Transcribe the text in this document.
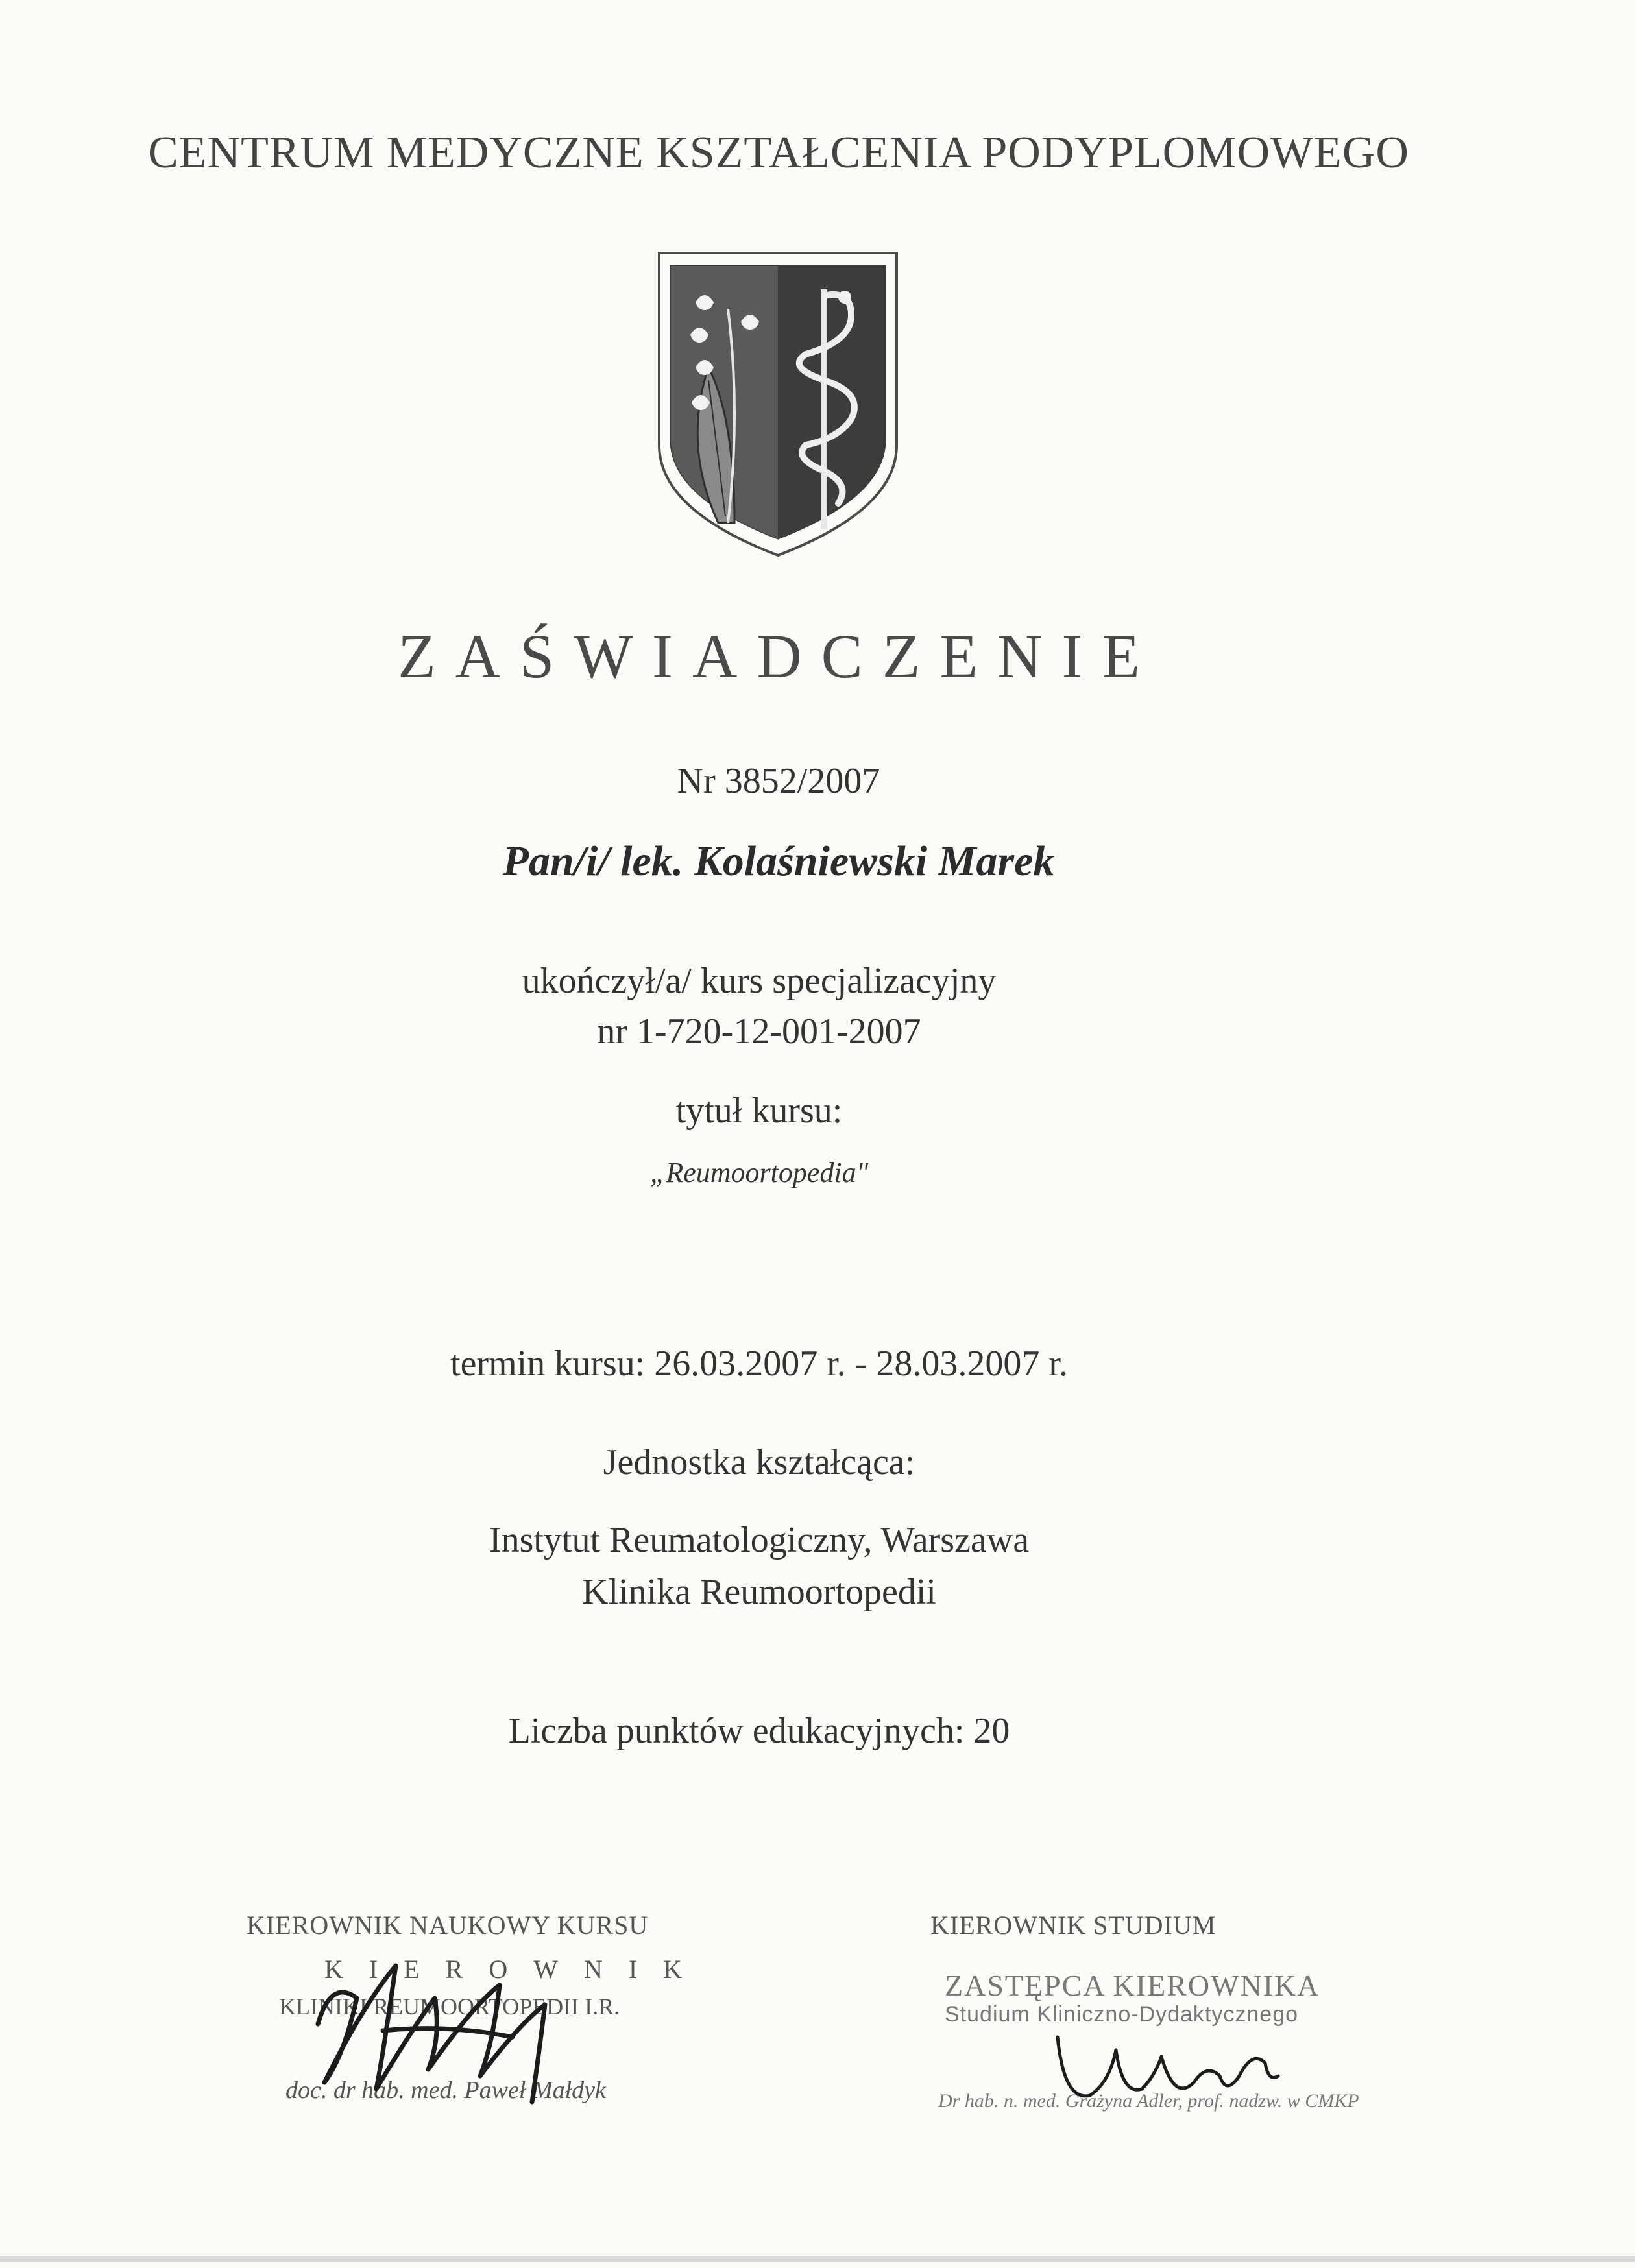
CENTRUM MEDYCZNE KSZTAŁCENIA PODYPLOMOWEGO
ZAŚWIADCZENIE
Nr 3852/2007
Pan/i/ lek. Kolaśniewski Marek
ukończył/a/ kurs specjalizacyjny
nr 1-720-12-001-2007
tytuł kursu:
„Reumoortopedia"
termin kursu: 26.03.2007 r. - 28.03.2007 r.
Jednostka kształcąca:
Instytut Reumatologiczny, Warszawa
Klinika Reumoortopedii
Liczba punktów edukacyjnych: 20
KIEROWNIK NAUKOWY KURSU
KIEROWNIK
KLINIKI REUMOORTOPEDII I.R.
doc. dr hab. med. Paweł Małdyk
KIEROWNIK STUDIUM
ZASTĘPCA KIEROWNIKA
Studium Kliniczno-Dydaktycznego
Dr hab. n. med. Grażyna Adler, prof. nadzw. w CMKP
